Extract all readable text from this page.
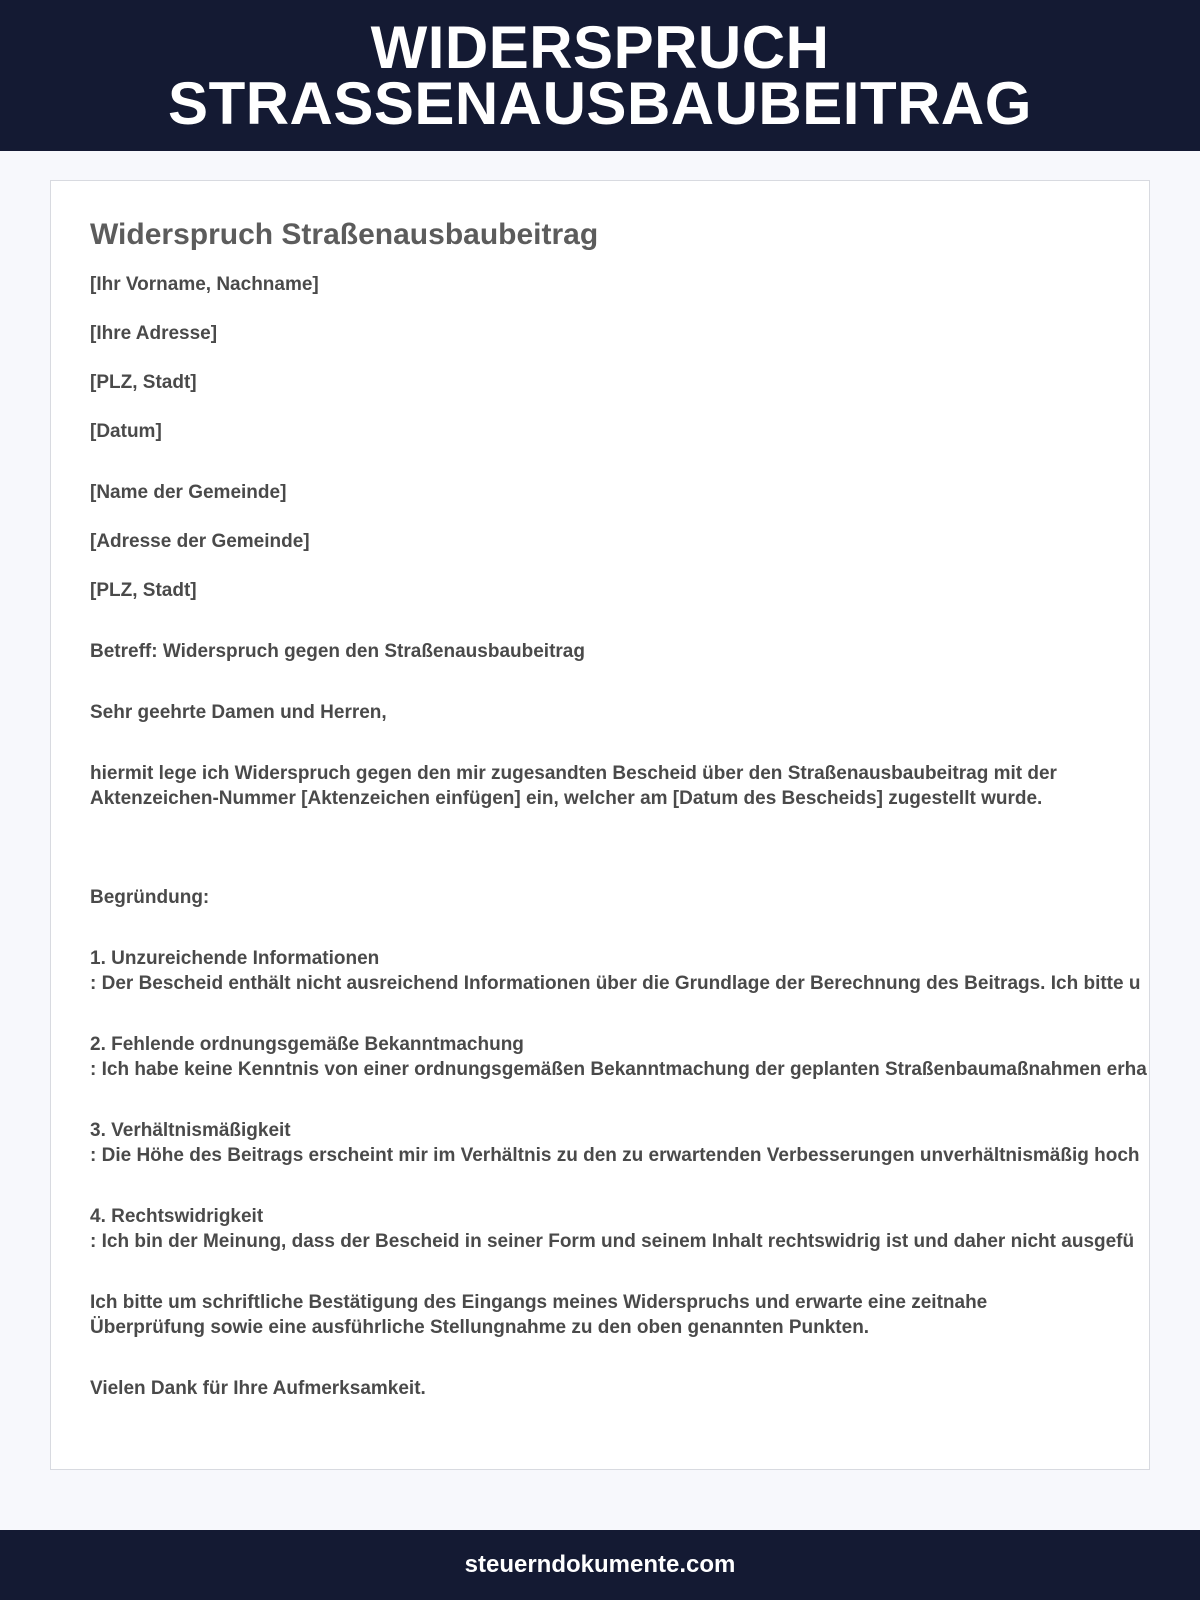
WIDERSPRUCH
STRASSENAUSBAUBEITRAG
Widerspruch Straßenausbaubeitrag
[Ihr Vorname, Nachname]
[Ihre Adresse]
[PLZ, Stadt]
[Datum]
[Name der Gemeinde]
[Adresse der Gemeinde]
[PLZ, Stadt]
Betreff: Widerspruch gegen den Straßenausbaubeitrag
Sehr geehrte Damen und Herren,
hiermit lege ich Widerspruch gegen den mir zugesandten Bescheid über den Straßenausbaubeitrag mit der Aktenzeichen-Nummer [Aktenzeichen einfügen] ein, welcher am [Datum des Bescheids] zugestellt wurde.
Begründung:
1. Unzureichende Informationen
: Der Bescheid enthält nicht ausreichend Informationen über die Grundlage der Berechnung des Beitrags. Ich bitte u
2. Fehlende ordnungsgemäße Bekanntmachung
: Ich habe keine Kenntnis von einer ordnungsgemäßen Bekanntmachung der geplanten Straßenbaumaßnahmen erha
3. Verhältnismäßigkeit
: Die Höhe des Beitrags erscheint mir im Verhältnis zu den zu erwartenden Verbesserungen unverhältnismäßig hoch
4. Rechtswidrigkeit
: Ich bin der Meinung, dass der Bescheid in seiner Form und seinem Inhalt rechtswidrig ist und daher nicht ausgefü
Ich bitte um schriftliche Bestätigung des Eingangs meines Widerspruchs und erwarte eine zeitnahe Überprüfung sowie eine ausführliche Stellungnahme zu den oben genannten Punkten.
Vielen Dank für Ihre Aufmerksamkeit.
steuerndokumente.com
